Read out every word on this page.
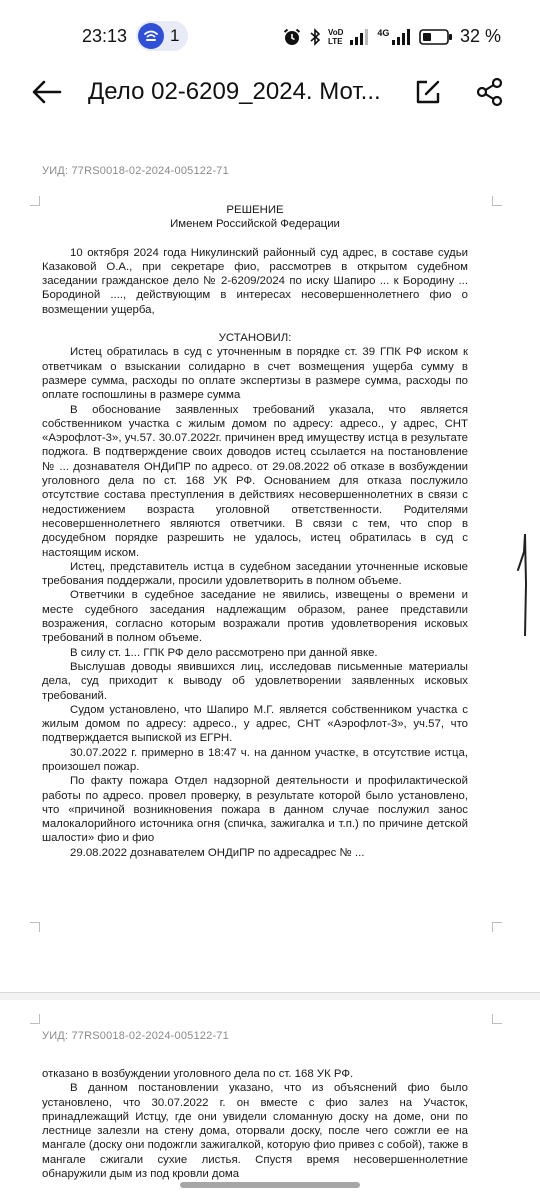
23:13	1	VoD
LTE
4G	32 %
Дело 02-6209_2024. Мот...
УИД: 77RS0018-02-2024-005122-71

РЕШЕНИЕ

Именем Российской Федерации

10 октября 2024 года Никулинский районный суд адрес, в составе судьи Казаковой О.А., при секретаре фио, рассмотрев в открытом судебном заседании гражданское дело № 2-6209/2024 по иску Шапиро ... к Бородину ... Бородиной ...., действующим в интересах несовершеннолетнего фио о возмещении ущерба,

УСТАНОВИЛ:

Истец обратилась в суд с уточненным в порядке ст. 39 ГПК РФ иском к ответчикам о взыскании солидарно в счет возмещения ущерба сумму в размере сумма, расходы по оплате экспертизы в размере сумма, расходы по оплате госпошлины в размере сумма

В обоснование заявленных требований указала, что является собственником участка с жилым домом по адресу: адресо., у адрес, СНТ «Аэрофлот-3», уч.57. 30.07.2022г. причинен вред имуществу истца в результате поджога. В подтверждение своих доводов истец ссылается на постановление № ... дознавателя ОНДиПР по адресо. от 29.08.2022 об отказе в возбуждении уголовного дела по ст. 168 УК РФ. Основанием для отказа послужило отсутствие состава преступления в действиях несовершеннолетних в связи с недостижением возраста уголовной ответственности. Родителями несовершеннолетнего являются ответчики. В связи с тем, что спор в досудебном порядке разрешить не удалось, истец обратилась в суд с настоящим иском.

Истец, представитель истца в судебном заседании уточненные исковые требования поддержали, просили удовлетворить в полном объеме.

Ответчики в судебное заседание не явились, извещены о времени и месте судебного заседания надлежащим образом, ранее представили возражения, согласно которым возражали против удовлетворения исковых требований в полном объеме.

В силу ст. 1... ГПК РФ дело рассмотрено при данной явке.

Выслушав доводы явившихся лиц, исследовав письменные материалы дела, суд приходит к выводу об удовлетворении заявленных исковых требований.

Судом установлено, что Шапиро М.Г. является собственником участка с жилым домом по адресу: адресо., у адрес, СНТ «Аэрофлот-3», уч.57, что подтверждается выпиской из ЕГРН.

30.07.2022 г. примерно в 18:47 ч. на данном участке, в отсутствие истца, произошел пожар.

По факту пожара Отдел надзорной деятельности и профилактической работы по адресо. провел проверку, в результате которой было установлено, что «причиной возникновения пожара в данном случае послужил занос малокалорийного источника огня (спичка, зажигалка и т.п.) по причине детской шалости» фио и фио

29.08.2022 дознавателем ОНДиПР по адресадрес № ...

УИД: 77RS0018-02-2024-005122-71

отказано в возбуждении уголовного дела по ст. 168 УК РФ.

В данном постановлении указано, что из объяснений фио было установлено, что 30.07.2022 г. он вместе с фио залез на Участок, принадлежащий Истцу, где они увидели сломанную доску на доме, они по лестнице залезли на стену дома, оторвали доску, после чего сожгли ее на мангале (доску они подожгли зажигалкой, которую фио привез с собой), также в мангале сжигали сухие листья. Спустя время несовершеннолетние обнаружили дым из под кровли дома
